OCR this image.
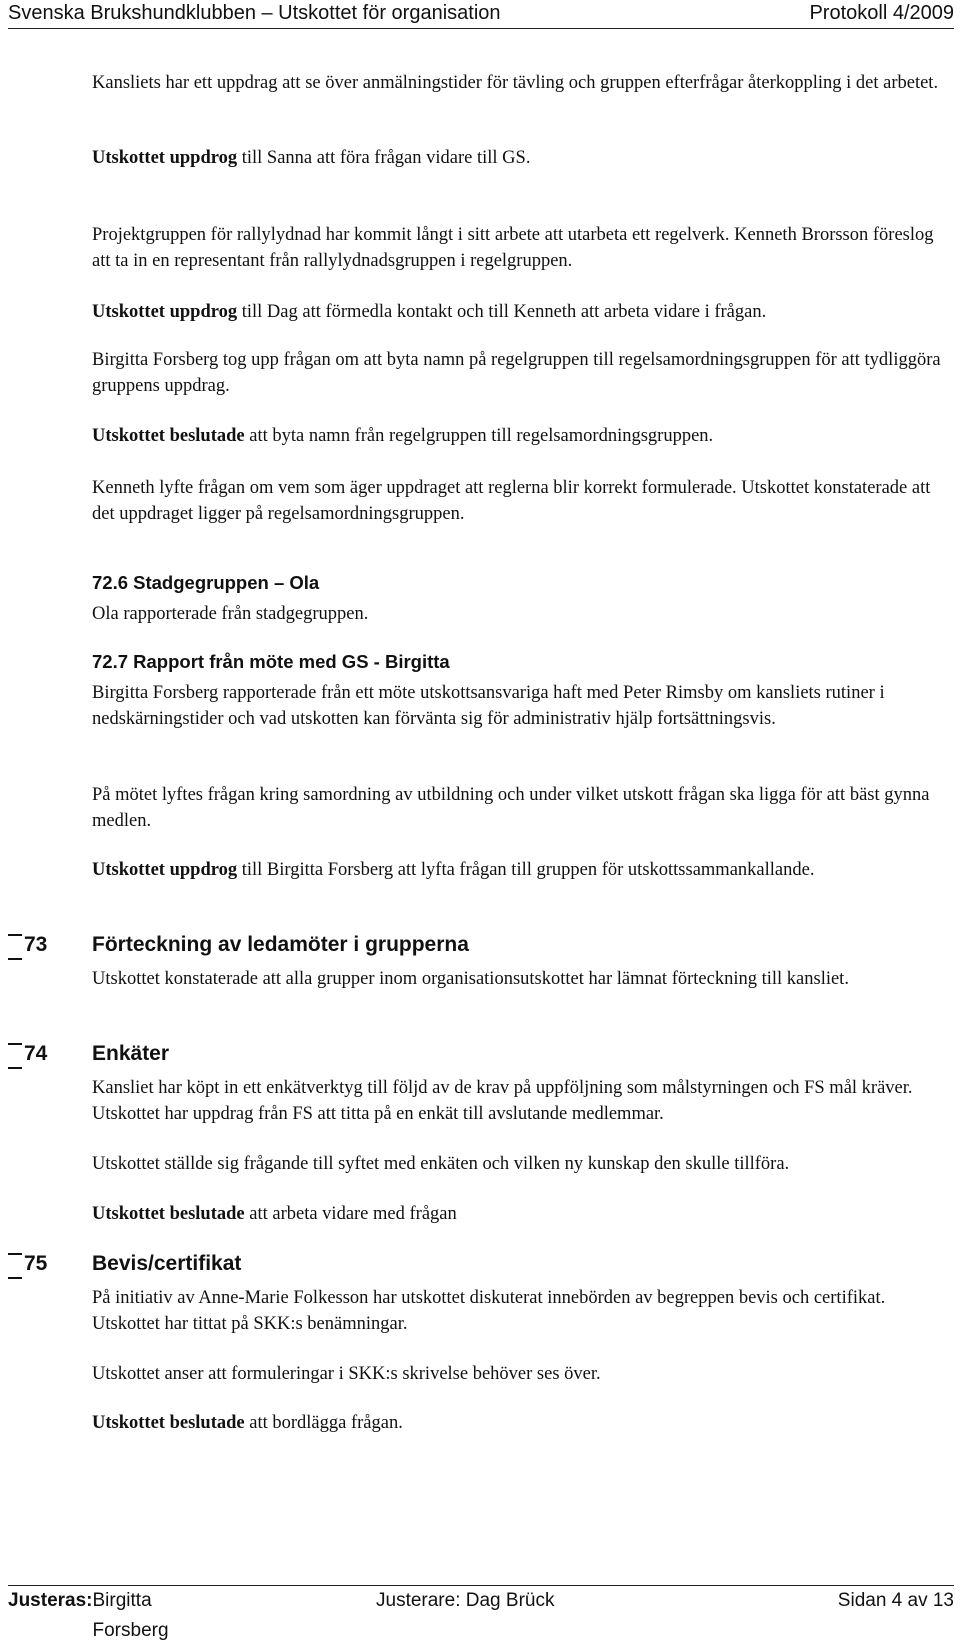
Svenska Brukshundklubben – Utskottet för organisation	Protokoll 4/2009
Kansliets har ett uppdrag att se över anmälningstider för tävling och gruppen efterfrågar återkoppling i det arbetet.
Utskottet uppdrog till Sanna att föra frågan vidare till GS.
Projektgruppen för rallylydnad har kommit långt i sitt arbete att utarbeta ett regelverk. Kenneth Brorsson föreslog att ta in en representant från rallylydnadsgruppen i regelgruppen.
Utskottet uppdrog till Dag att förmedla kontakt och till Kenneth att arbeta vidare i frågan.
Birgitta Forsberg tog upp frågan om att byta namn på regelgruppen till regelsamordningsgruppen för att tydliggöra gruppens uppdrag.
Utskottet beslutade att byta namn från regelgruppen till regelsamordningsgruppen.
Kenneth lyfte frågan om vem som äger uppdraget att reglerna blir korrekt formulerade. Utskottet konstaterade att det uppdraget ligger på regelsamordningsgruppen.
72.6 Stadgegruppen – Ola
Ola rapporterade från stadgegruppen.
72.7 Rapport från möte med GS - Birgitta
Birgitta Forsberg rapporterade från ett möte utskottsansvariga haft med Peter Rimsby om kansliets rutiner i nedskärningstider och vad utskotten kan förvänta sig för administrativ hjälp fortsättningsvis.
På mötet lyftes frågan kring samordning av utbildning och under vilket utskott frågan ska ligga för att bäst gynna medlen.
Utskottet uppdrog till Birgitta Forsberg att lyfta frågan till gruppen för utskottssammankallande.
73 Förteckning av ledamöter i grupperna
Utskottet konstaterade att alla grupper inom organisationsutskottet har lämnat förteckning till kansliet.
74 Enkäter
Kansliet har köpt in ett enkätverktyg till följd av de krav på uppföljning som målstyrningen och FS mål kräver. Utskottet har uppdrag från FS att titta på en enkät till avslutande medlemmar.
Utskottet ställde sig frågande till syftet med enkäten och vilken ny kunskap den skulle tillföra.
Utskottet beslutade att arbeta vidare med frågan
75 Bevis/certifikat
På initiativ av Anne-Marie Folkesson har utskottet diskuterat innebörden av begreppen bevis och certifikat. Utskottet har tittat på SKK:s benämningar.
Utskottet anser att formuleringar i SKK:s skrivelse behöver ses över.
Utskottet beslutade att bordlägga frågan.
Justeras: Birgitta Forsberg
Justerare: Dag Brück	Sidan 4 av 13
